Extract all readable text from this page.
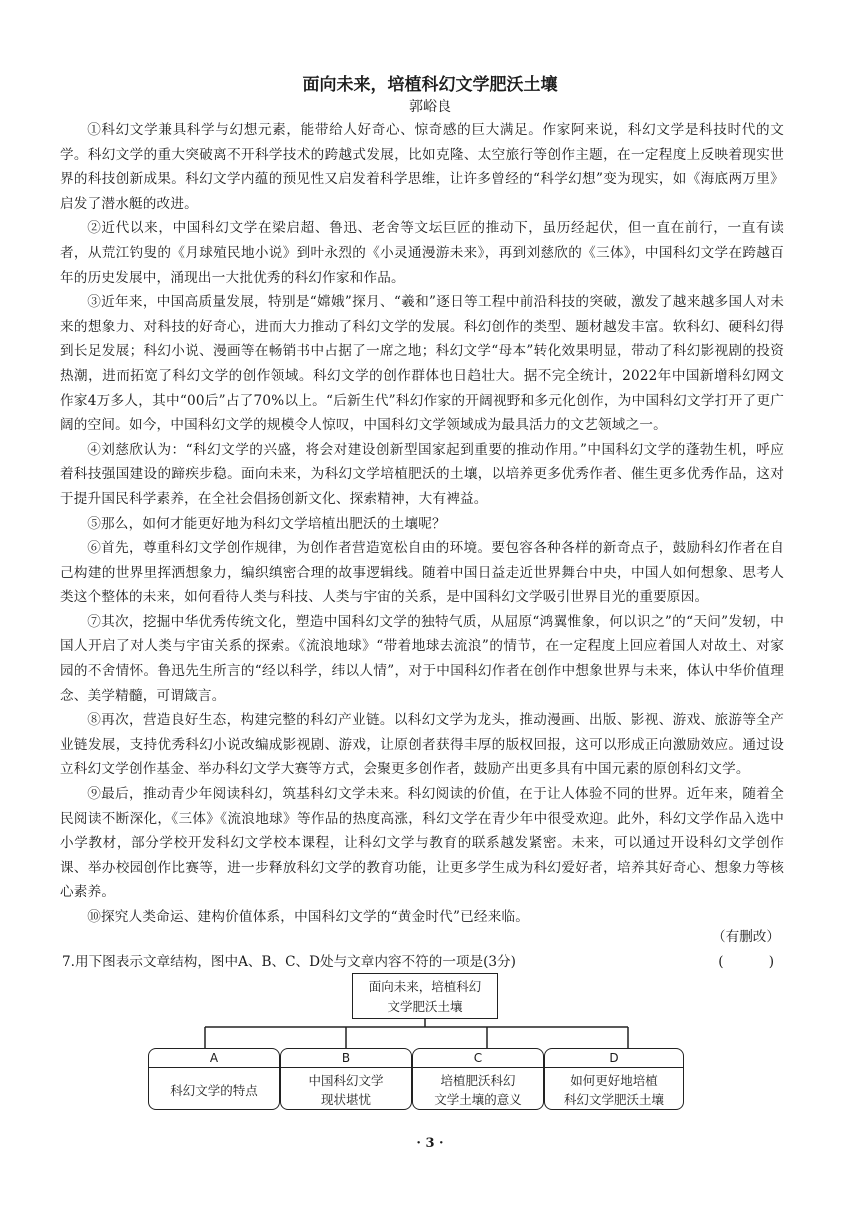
面向未来，培植科幻文学肥沃土壤
郭峪良

①科幻文学兼具科学与幻想元素，能带给人好奇心、惊奇感的巨大满足。作家阿来说，科幻文学是科技时代的文学。科幻文学的重大突破离不开科学技术的跨越式发展，比如克隆、太空旅行等创作主题，在一定程度上反映着现实世界的科技创新成果。科幻文学内蕴的预见性又启发着科学思维，让许多曾经的“科学幻想”变为现实，如《海底两万里》启发了潜水艇的改进。

②近代以来，中国科幻文学在梁启超、鲁迅、老舍等文坛巨匠的推动下，虽历经起伏，但一直在前行，一直有读者，从荒江钓叟的《月球殖民地小说》到叶永烈的《小灵通漫游未来》，再到刘慈欣的《三体》，中国科幻文学在跨越百年的历史发展中，涌现出一大批优秀的科幻作家和作品。

③近年来，中国高质量发展，特别是“嫦娥”探月、“羲和”逐日等工程中前沿科技的突破，激发了越来越多国人对未来的想象力、对科技的好奇心，进而大力推动了科幻文学的发展。科幻创作的类型、题材越发丰富。软科幻、硬科幻得到长足发展；科幻小说、漫画等在畅销书中占据了一席之地；科幻文学“母本”转化效果明显，带动了科幻影视剧的投资热潮，进而拓宽了科幻文学的创作领域。科幻文学的创作群体也日趋壮大。据不完全统计，2022年中国新增科幻网文作家4万多人，其中“00后”占了70%以上。“后新生代”科幻作家的开阔视野和多元化创作，为中国科幻文学打开了更广阔的空间。如今，中国科幻文学的规模令人惊叹，中国科幻文学领域成为最具活力的文艺领域之一。

④刘慈欣认为：“科幻文学的兴盛，将会对建设创新型国家起到重要的推动作用。”中国科幻文学的蓬勃生机，呼应着科技强国建设的蹄疾步稳。面向未来，为科幻文学培植肥沃的土壤，以培养更多优秀作者、催生更多优秀作品，这对于提升国民科学素养，在全社会倡扬创新文化、探索精神，大有裨益。

⑤那么，如何才能更好地为科幻文学培植出肥沃的土壤呢？

⑥首先，尊重科幻文学创作规律，为创作者营造宽松自由的环境。要包容各种各样的新奇点子，鼓励科幻作者在自己构建的世界里挥洒想象力，编织缜密合理的故事逻辑线。随着中国日益走近世界舞台中央，中国人如何想象、思考人类这个整体的未来，如何看待人类与科技、人类与宇宙的关系，是中国科幻文学吸引世界目光的重要原因。

⑦其次，挖掘中华优秀传统文化，塑造中国科幻文学的独特气质，从屈原“鸿翼惟象，何以识之”的“天问”发轫，中国人开启了对人类与宇宙关系的探索。《流浪地球》“带着地球去流浪”的情节，在一定程度上回应着国人对故土、对家园的不舍情怀。鲁迅先生所言的“经以科学，纬以人情”，对于中国科幻作者在创作中想象世界与未来，体认中华价值理念、美学精髓，可谓箴言。

⑧再次，营造良好生态，构建完整的科幻产业链。以科幻文学为龙头，推动漫画、出版、影视、游戏、旅游等全产业链发展，支持优秀科幻小说改编成影视剧、游戏，让原创者获得丰厚的版权回报，这可以形成正向激励效应。通过设立科幻文学创作基金、举办科幻文学大赛等方式，会聚更多创作者，鼓励产出更多具有中国元素的原创科幻文学。

⑨最后，推动青少年阅读科幻，筑基科幻文学未来。科幻阅读的价值，在于让人体验不同的世界。近年来，随着全民阅读不断深化，《三体》《流浪地球》等作品的热度高涨，科幻文学在青少年中很受欢迎。此外，科幻文学作品入选中小学教材，部分学校开发科幻文学校本课程，让科幻文学与教育的联系越发紧密。未来，可以通过开设科幻文学创作课、举办校园创作比赛等，进一步释放科幻文学的教育功能，让更多学生成为科幻爱好者，培养其好奇心、想象力等核心素养。

⑩探究人类命运、建构价值体系，中国科幻文学的“黄金时代”已经来临。

（有删改）
7.用下图表示文章结构，图中A、B、C、D处与文章内容不符的一项是(3分)	(　　)
面向未来，培植科幻
文学肥沃土壤
A
科幻文学的特点
B
中国科幻文学
现状堪忧
C
培植肥沃科幻
文学土壤的意义
D
如何更好地培植
科幻文学肥沃土壤
· 3 ·
